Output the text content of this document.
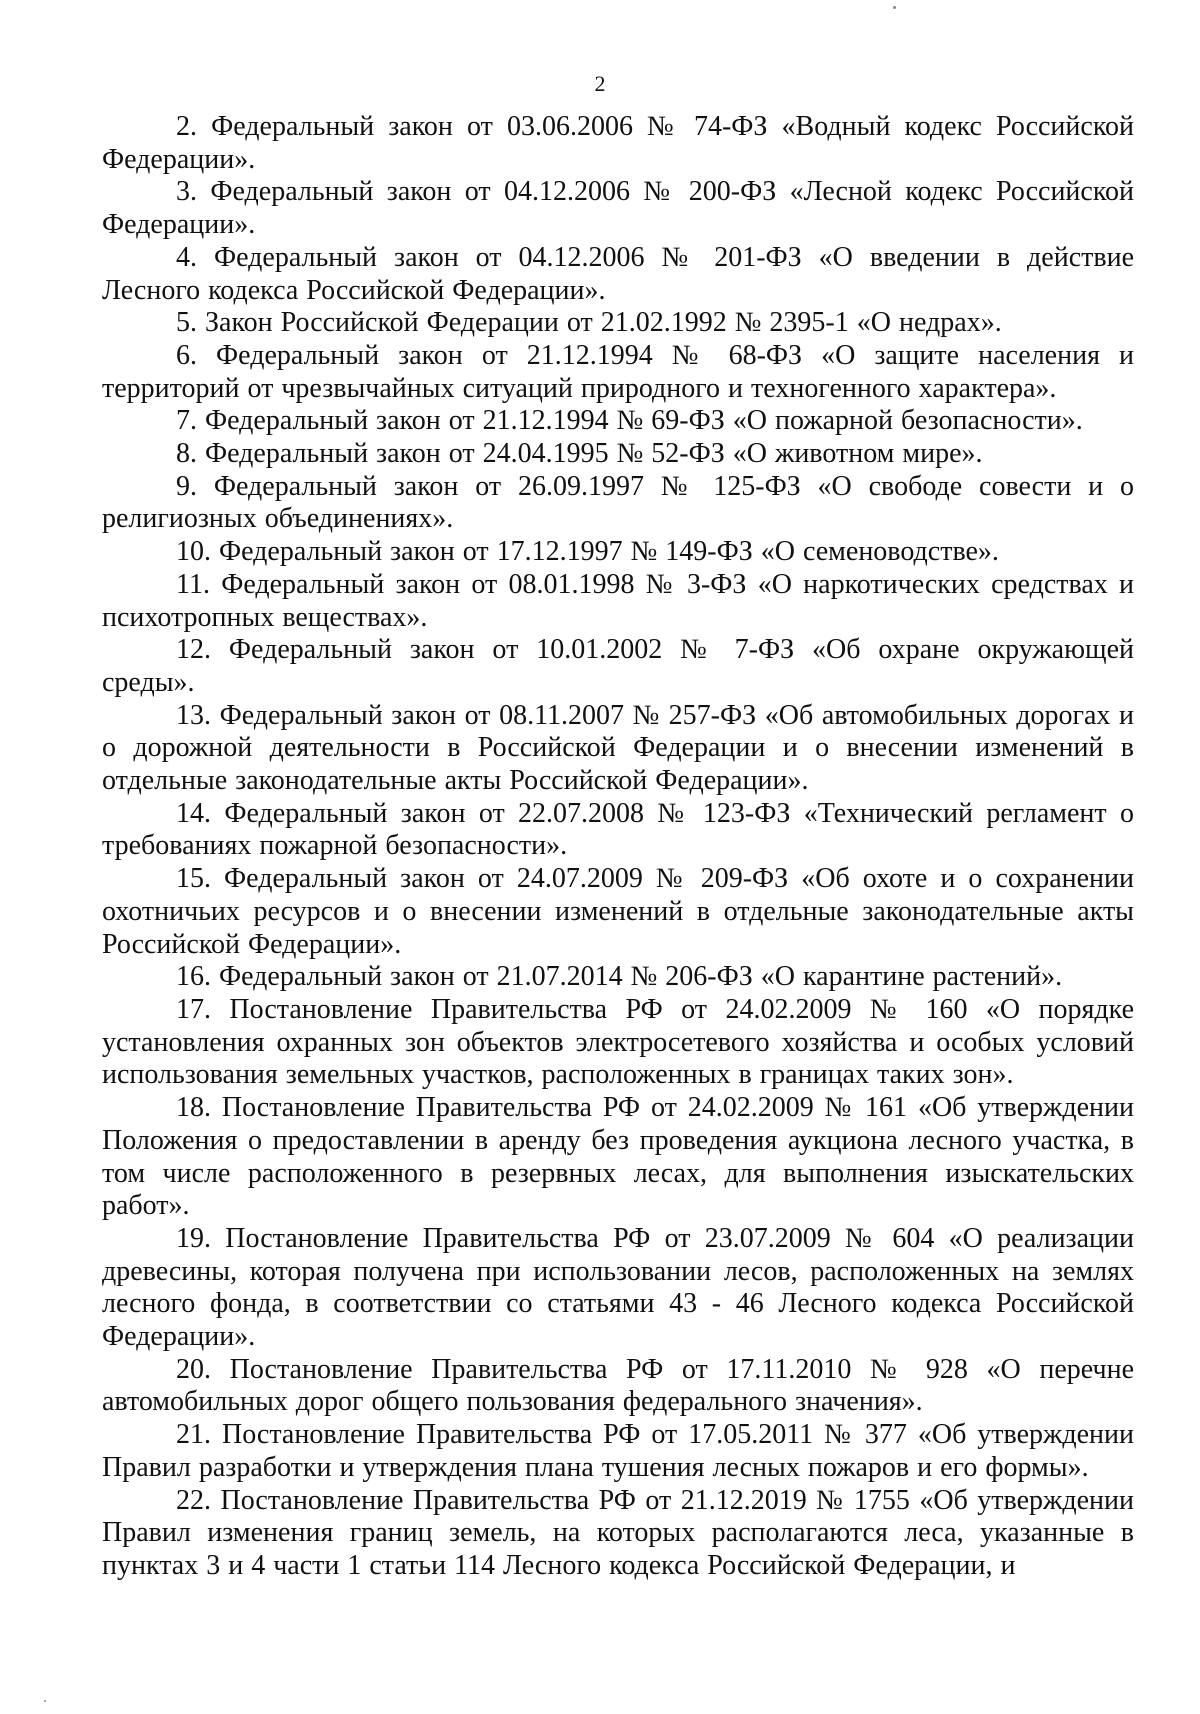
2

2. Федеральный закон от 03.06.2006 № 74-ФЗ «Водный кодекс Российской Федерации».

3. Федеральный закон от 04.12.2006 № 200-ФЗ «Лесной кодекс Российской Федерации».

4. Федеральный закон от 04.12.2006 № 201-ФЗ «О введении в действие Лесного кодекса Российской Федерации».

5. Закон Российской Федерации от 21.02.1992 № 2395-1 «О недрах».

6. Федеральный закон от 21.12.1994 № 68-ФЗ «О защите населения и территорий от чрезвычайных ситуаций природного и техногенного характера».

7. Федеральный закон от 21.12.1994 № 69-ФЗ «О пожарной безопасности».

8. Федеральный закон от 24.04.1995 № 52-ФЗ «О животном мире».

9. Федеральный закон от 26.09.1997 № 125-ФЗ «О свободе совести и о религиозных объединениях».

10. Федеральный закон от 17.12.1997 № 149-ФЗ «О семеноводстве».

11. Федеральный закон от 08.01.1998 № 3-ФЗ «О наркотических средствах и психотропных веществах».

12. Федеральный закон от 10.01.2002 № 7-ФЗ «Об охране окружающей среды».

13. Федеральный закон от 08.11.2007 № 257-ФЗ «Об автомобильных дорогах и о дорожной деятельности в Российской Федерации и о внесении изменений в отдельные законодательные акты Российской Федерации».

14. Федеральный закон от 22.07.2008 № 123-ФЗ «Технический регламент о требованиях пожарной безопасности».

15. Федеральный закон от 24.07.2009 № 209-ФЗ «Об охоте и о сохранении охотничьих ресурсов и о внесении изменений в отдельные законодательные акты Российской Федерации».

16. Федеральный закон от 21.07.2014 № 206-ФЗ «О карантине растений».

17. Постановление Правительства РФ от 24.02.2009 № 160 «О порядке установления охранных зон объектов электросетевого хозяйства и особых условий использования земельных участков, расположенных в границах таких зон».

18. Постановление Правительства РФ от 24.02.2009 № 161 «Об утверждении Положения о предоставлении в аренду без проведения аукциона лесного участка, в том числе расположенного в резервных лесах, для выполнения изыскательских работ».

19. Постановление Правительства РФ от 23.07.2009 № 604 «О реализации древесины, которая получена при использовании лесов, расположенных на землях лесного фонда, в соответствии со статьями 43 - 46 Лесного кодекса Российской Федерации».

20. Постановление Правительства РФ от 17.11.2010 № 928 «О перечне автомобильных дорог общего пользования федерального значения».

21. Постановление Правительства РФ от 17.05.2011 № 377 «Об утверждении Правил разработки и утверждения плана тушения лесных пожаров и его формы».

22. Постановление Правительства РФ от 21.12.2019 № 1755 «Об утверждении Правил изменения границ земель, на которых располагаются леса, указанные в пунктах 3 и 4 части 1 статьи 114 Лесного кодекса Российской Федерации, и
